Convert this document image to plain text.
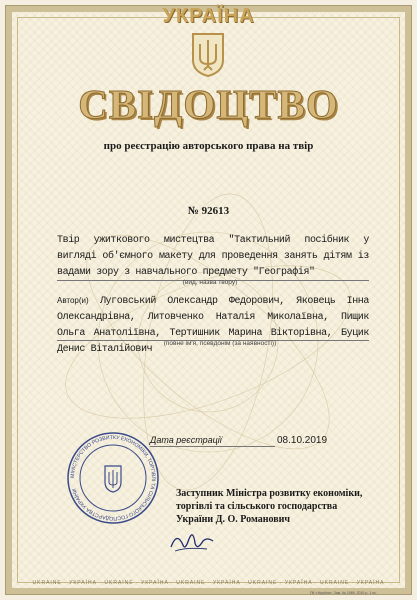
УКРАЇНА
СВІДОЦТВО
про реєстрацію авторського права на твір
№ 92613
Твір ужиткового мистецтва "Тактильний посібник у вигляді об'ємного макету для проведення занять дітям із вадами зору з навчального предмету "Географія"
(вид, назва твору)
Автор(и) Луговський Олександр Федорович, Яковець Інна Олександрівна, Литовченко Наталія Миколаївна, Пищик Ольга Анатоліївна, Тертишник Марина Вікторівна, Буцик Денис Віталійович
(повне ім'я, псевдонім (за наявності))
Дата реєстрації	08.10.2019
МІНІСТЕРСТВО РОЗВИТКУ ЕКОНОМІКИ, ТОРГІВЛІ ТА СІЛЬСЬКОГО ГОСПОДАРСТВА УКРАЇНИ	Заступник Міністра розвитку економіки,
торгівлі та сільського господарства
України Д. О. Романович
UKRAINE · УКРАЇНА · UKRAINE · УКРАЇНА · UKRAINE · УКРАЇНА · UKRAINE · УКРАЇНА · UKRAINE · УКРАЇНА
ПК «Україна». Зам. № 1969. 2019 р. 1 пс.
